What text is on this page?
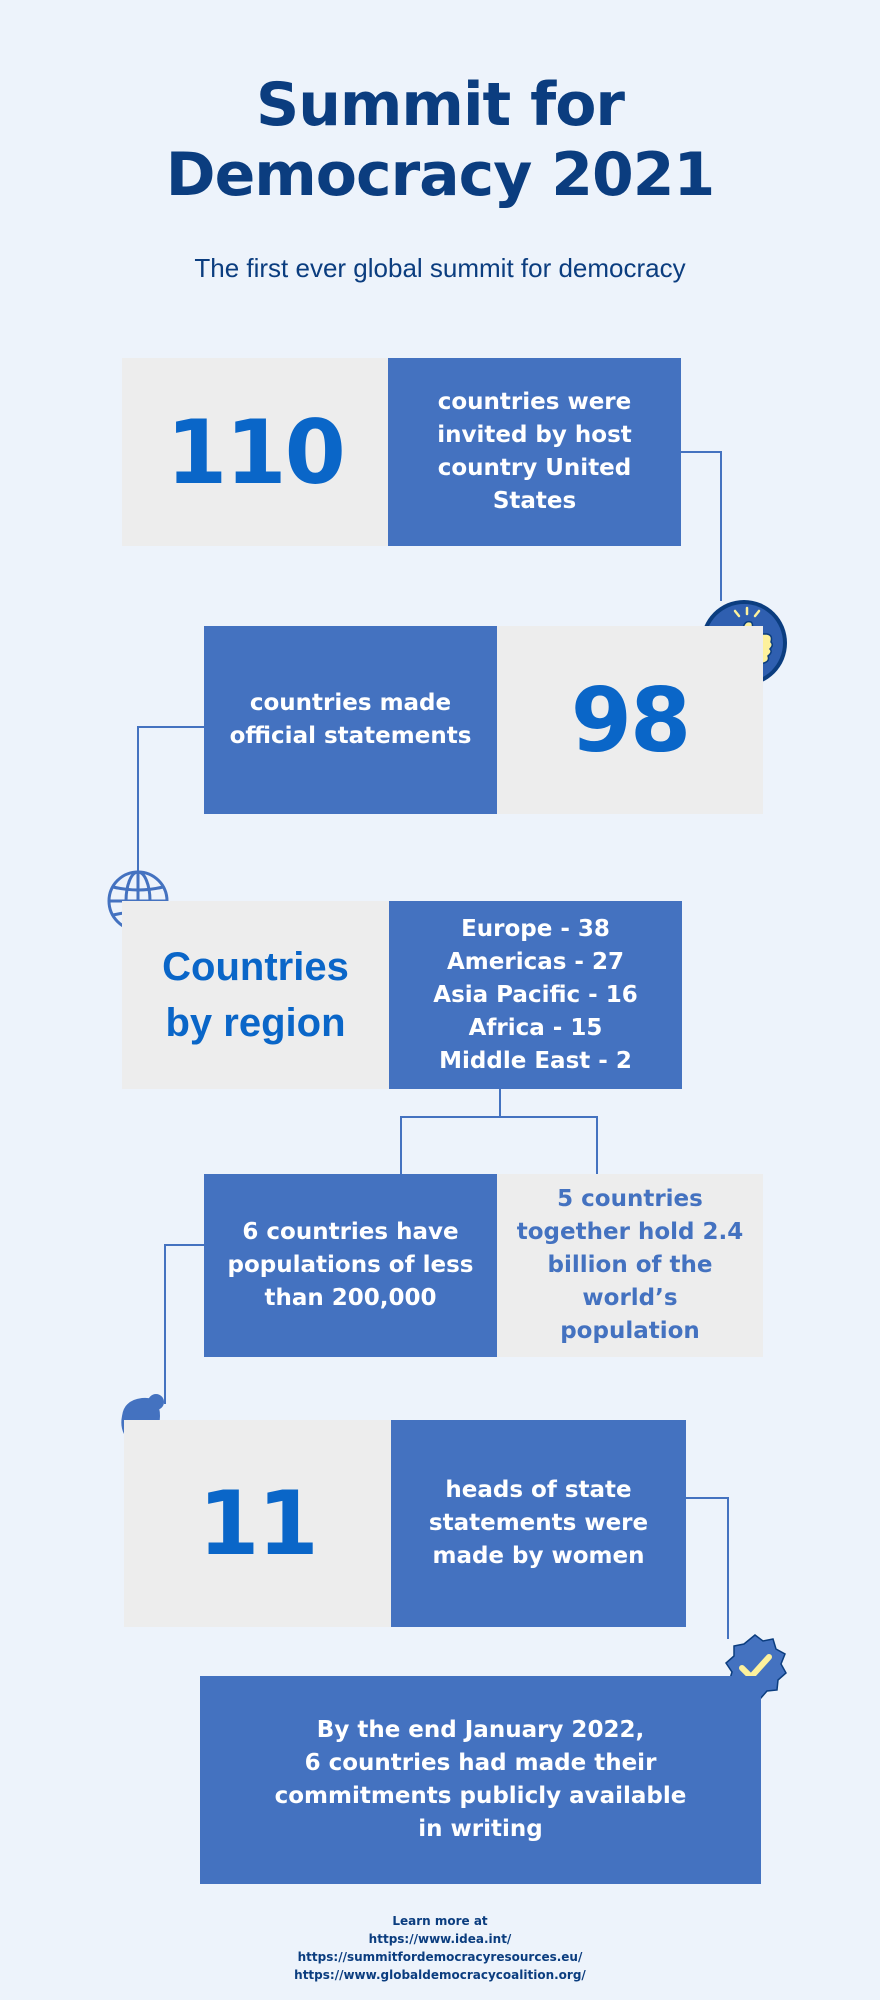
Summit for
Democracy 2021
The first ever global summit for democracy
110	countries were invited by host country United States
countries made official statements 98
Countries
by region
Europe - 38
Americas - 27
Asia Pacific - 16
Africa - 15
Middle East - 2
6 countries have populations of less than 200,000
5 countries together hold 2.4 billion of the world’s population
11	heads of state statements were made by women
By the end January 2022,
6 countries had made their
commitments publicly available
in writing
Learn more at
https://www.idea.int/
https://summitfordemocracyresources.eu/
https://www.globaldemocracycoalition.org/
